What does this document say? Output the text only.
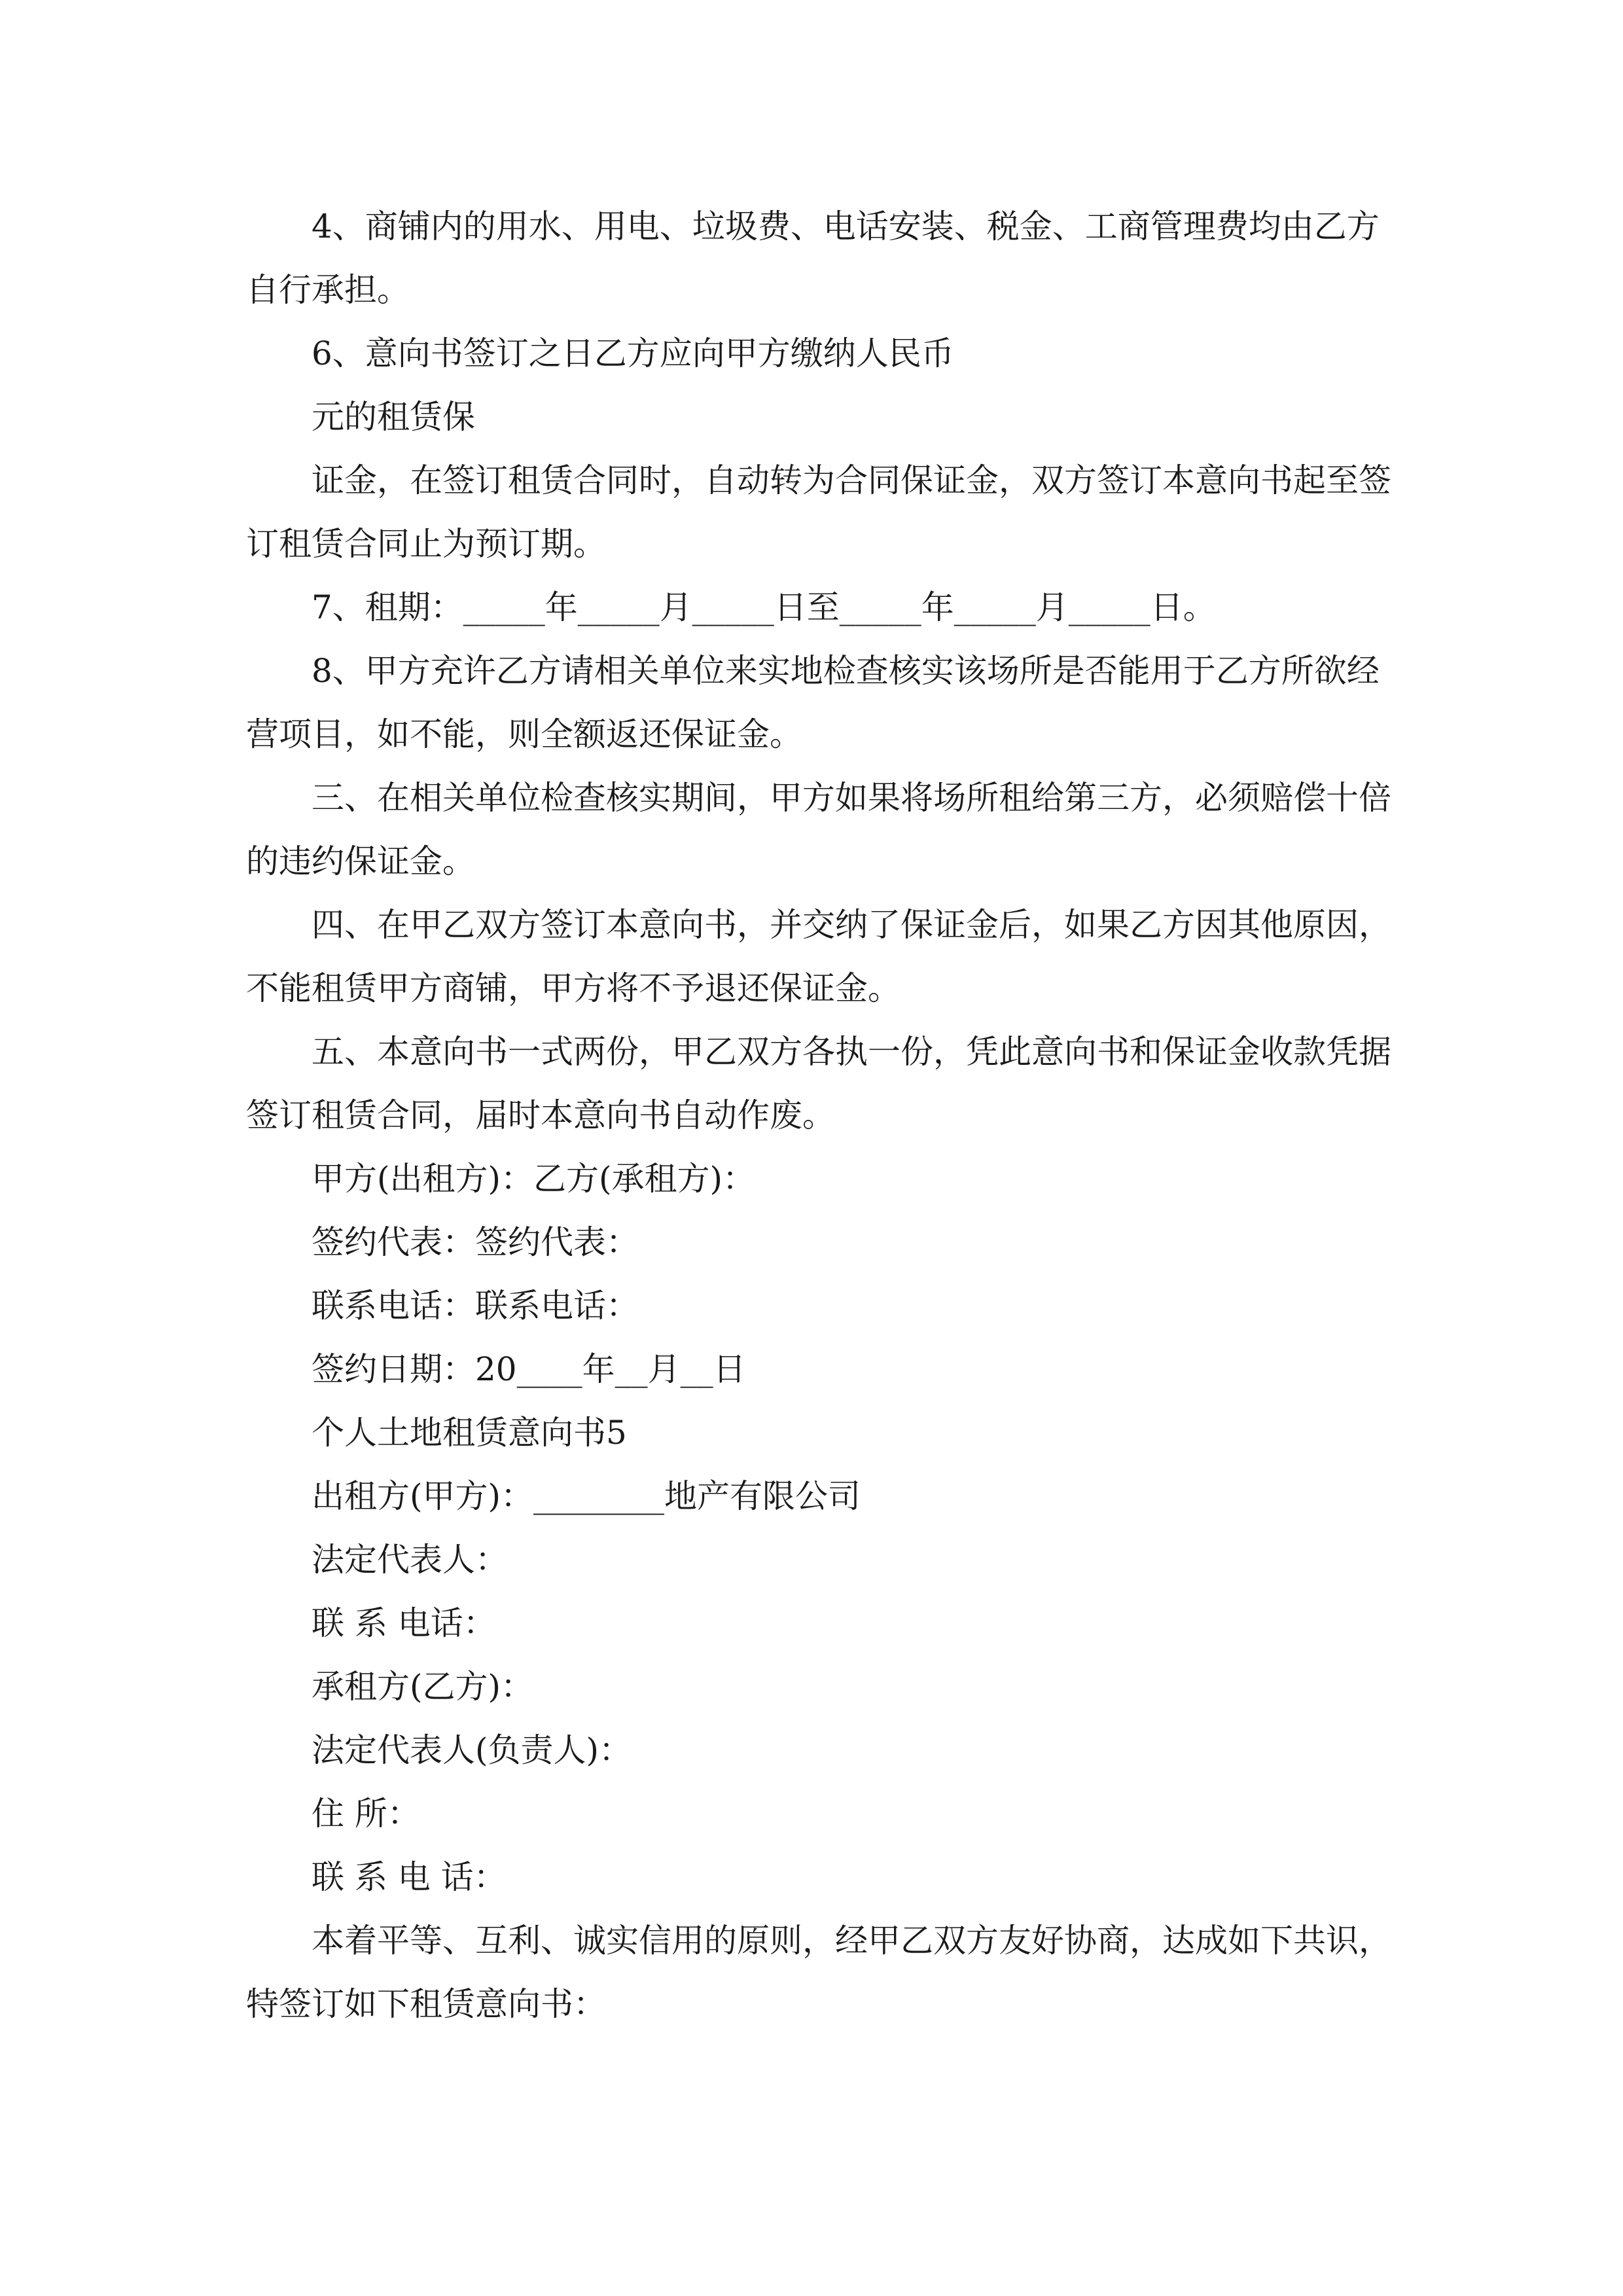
4、商铺内的用水、用电、垃圾费、电话安装、税金、工商管理费均由乙方

自行承担。

6、意向书签订之日乙方应向甲方缴纳人民币

元的租赁保

证金，在签订租赁合同时，自动转为合同保证金，双方签订本意向书起至签

订租赁合同止为预订期。

7、租期：_____年_____月_____日至_____年_____月_____日。

8、甲方充许乙方请相关单位来实地检查核实该场所是否能用于乙方所欲经

营项目，如不能，则全额返还保证金。

三、在相关单位检查核实期间，甲方如果将场所租给第三方，必须赔偿十倍

的违约保证金。

四、在甲乙双方签订本意向书，并交纳了保证金后，如果乙方因其他原因，

不能租赁甲方商铺，甲方将不予退还保证金。

五、本意向书一式两份，甲乙双方各执一份，凭此意向书和保证金收款凭据

签订租赁合同，届时本意向书自动作废。

甲方(出租方)：乙方(承租方)：

签约代表：签约代表：

联系电话：联系电话：

签约日期：20____年__月__日

个人土地租赁意向书5

出租方(甲方)：________地产有限公司

法定代表人：

联 系 电话：

承租方(乙方)：

法定代表人(负责人)：

住 所：

联 系 电 话：

本着平等、互利、诚实信用的原则，经甲乙双方友好协商，达成如下共识，

特签订如下租赁意向书：
